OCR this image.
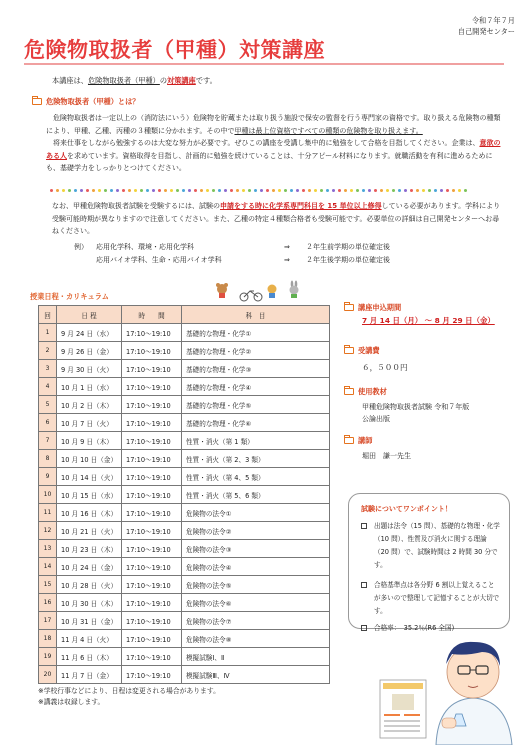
令和７年７月
自己開発センター
危険物取扱者（甲種）対策講座
本講座は、危険物取扱者（甲種）の対策講座です。
危険物取扱者（甲種）とは？
　危険物取扱者は一定以上の（消防法にいう）危険物を貯蔵または取り扱う施設で保安の監督を行う専門家の資格です。取り扱える危険物の種類により、甲種、乙種、丙種の３種類に分かれます。その中で甲種は最上位資格ですべての種類の危険物を取り扱えます。
　将来仕事をしながら勉強するのは大変な努力が必要です。ぜひこの講座を受講し集中的に勉強をして合格を目指してください。企業は、意欲のある人を求めています。資格取得を目指し、計画的に勉強を続けていることは、十分アピール材料になります。就職活動を有利に進めるためにも、基礎学力をしっかりとつけてください。
なお、甲種危険物取扱者試験を受験するには、試験の申請をする時に化学系専門科目を 15 単位以上修得している必要があります。学科により受験可能時期が異なりますので注意してください。また、乙種の特定４種類合格者も受験可能です。必要単位の詳細は自己開発センターへお尋ねください。
例）	応用化学科、環境・応用化学科	⇒	２年生前学期の単位確定後
応用バイオ学科、生命・応用バイオ学科	⇒	２年生後学期の単位確定後
授業日程・カリキュラム
回	日 程	時　　間	科　目
1	9 月 24 日（水）	17:10～19:10	基礎的な物理・化学①
2	9 月 26 日（金）	17:10～19:10	基礎的な物理・化学②
3	9 月 30 日（火）	17:10～19:10	基礎的な物理・化学③
4	10 月 1 日（水）	17:10～19:10	基礎的な物理・化学④
5	10 月 2 日（木）	17:10～19:10	基礎的な物理・化学⑤
6	10 月 7 日（火）	17:10～19:10	基礎的な物理・化学⑥
7	10 月 9 日（木）	17:10～19:10	性質・消火（第 1 類）
8	10 月 10 日（金）	17:10～19:10	性質・消火（第 2、3 類）
9	10 月 14 日（火）	17:10～19:10	性質・消火（第 4、5 類）
10	10 月 15 日（水）	17:10～19:10	性質・消火（第 5、6 類）
11	10 月 16 日（木）	17:10～19:10	危険物の法令①
12	10 月 21 日（火）	17:10～19:10	危険物の法令②
13	10 月 23 日（木）	17:10～19:10	危険物の法令③
14	10 月 24 日（金）	17:10～19:10	危険物の法令④
15	10 月 28 日（火）	17:10～19:10	危険物の法令⑤
16	10 月 30 日（木）	17:10～19:10	危険物の法令⑥
17	10 月 31 日（金）	17:10～19:10	危険物の法令⑦
18	11 月 4 日（火）	17:10～19:10	危険物の法令⑧
19	11 月 6 日（木）	17:10～19:10	模擬試験Ⅰ、Ⅱ
20	11 月 7 日（金）	17:10～19:10	模擬試験Ⅲ、Ⅳ
※学校行事などにより、日程は変更される場合があります。
※講義は収録します。
講座申込期間
7 月 14 日（月） ～ 8 月 29 日（金）
受講費
６，５００円
使用教材
甲種危険物取扱者試験 令和７年版
公論出版
講師
堀田　謙一先生
試験についてワンポイント！
出題は法令（15 問）、基礎的な物理・化学（10 問）、性質及び消火に関する理論（20 問）で、試験時間は 2 時間 30 分です。
合格基準点は各分野 6 割以上覚えることが多いので整理して記憶することが大切です。
合格率：　35.2％(R6 全国)
